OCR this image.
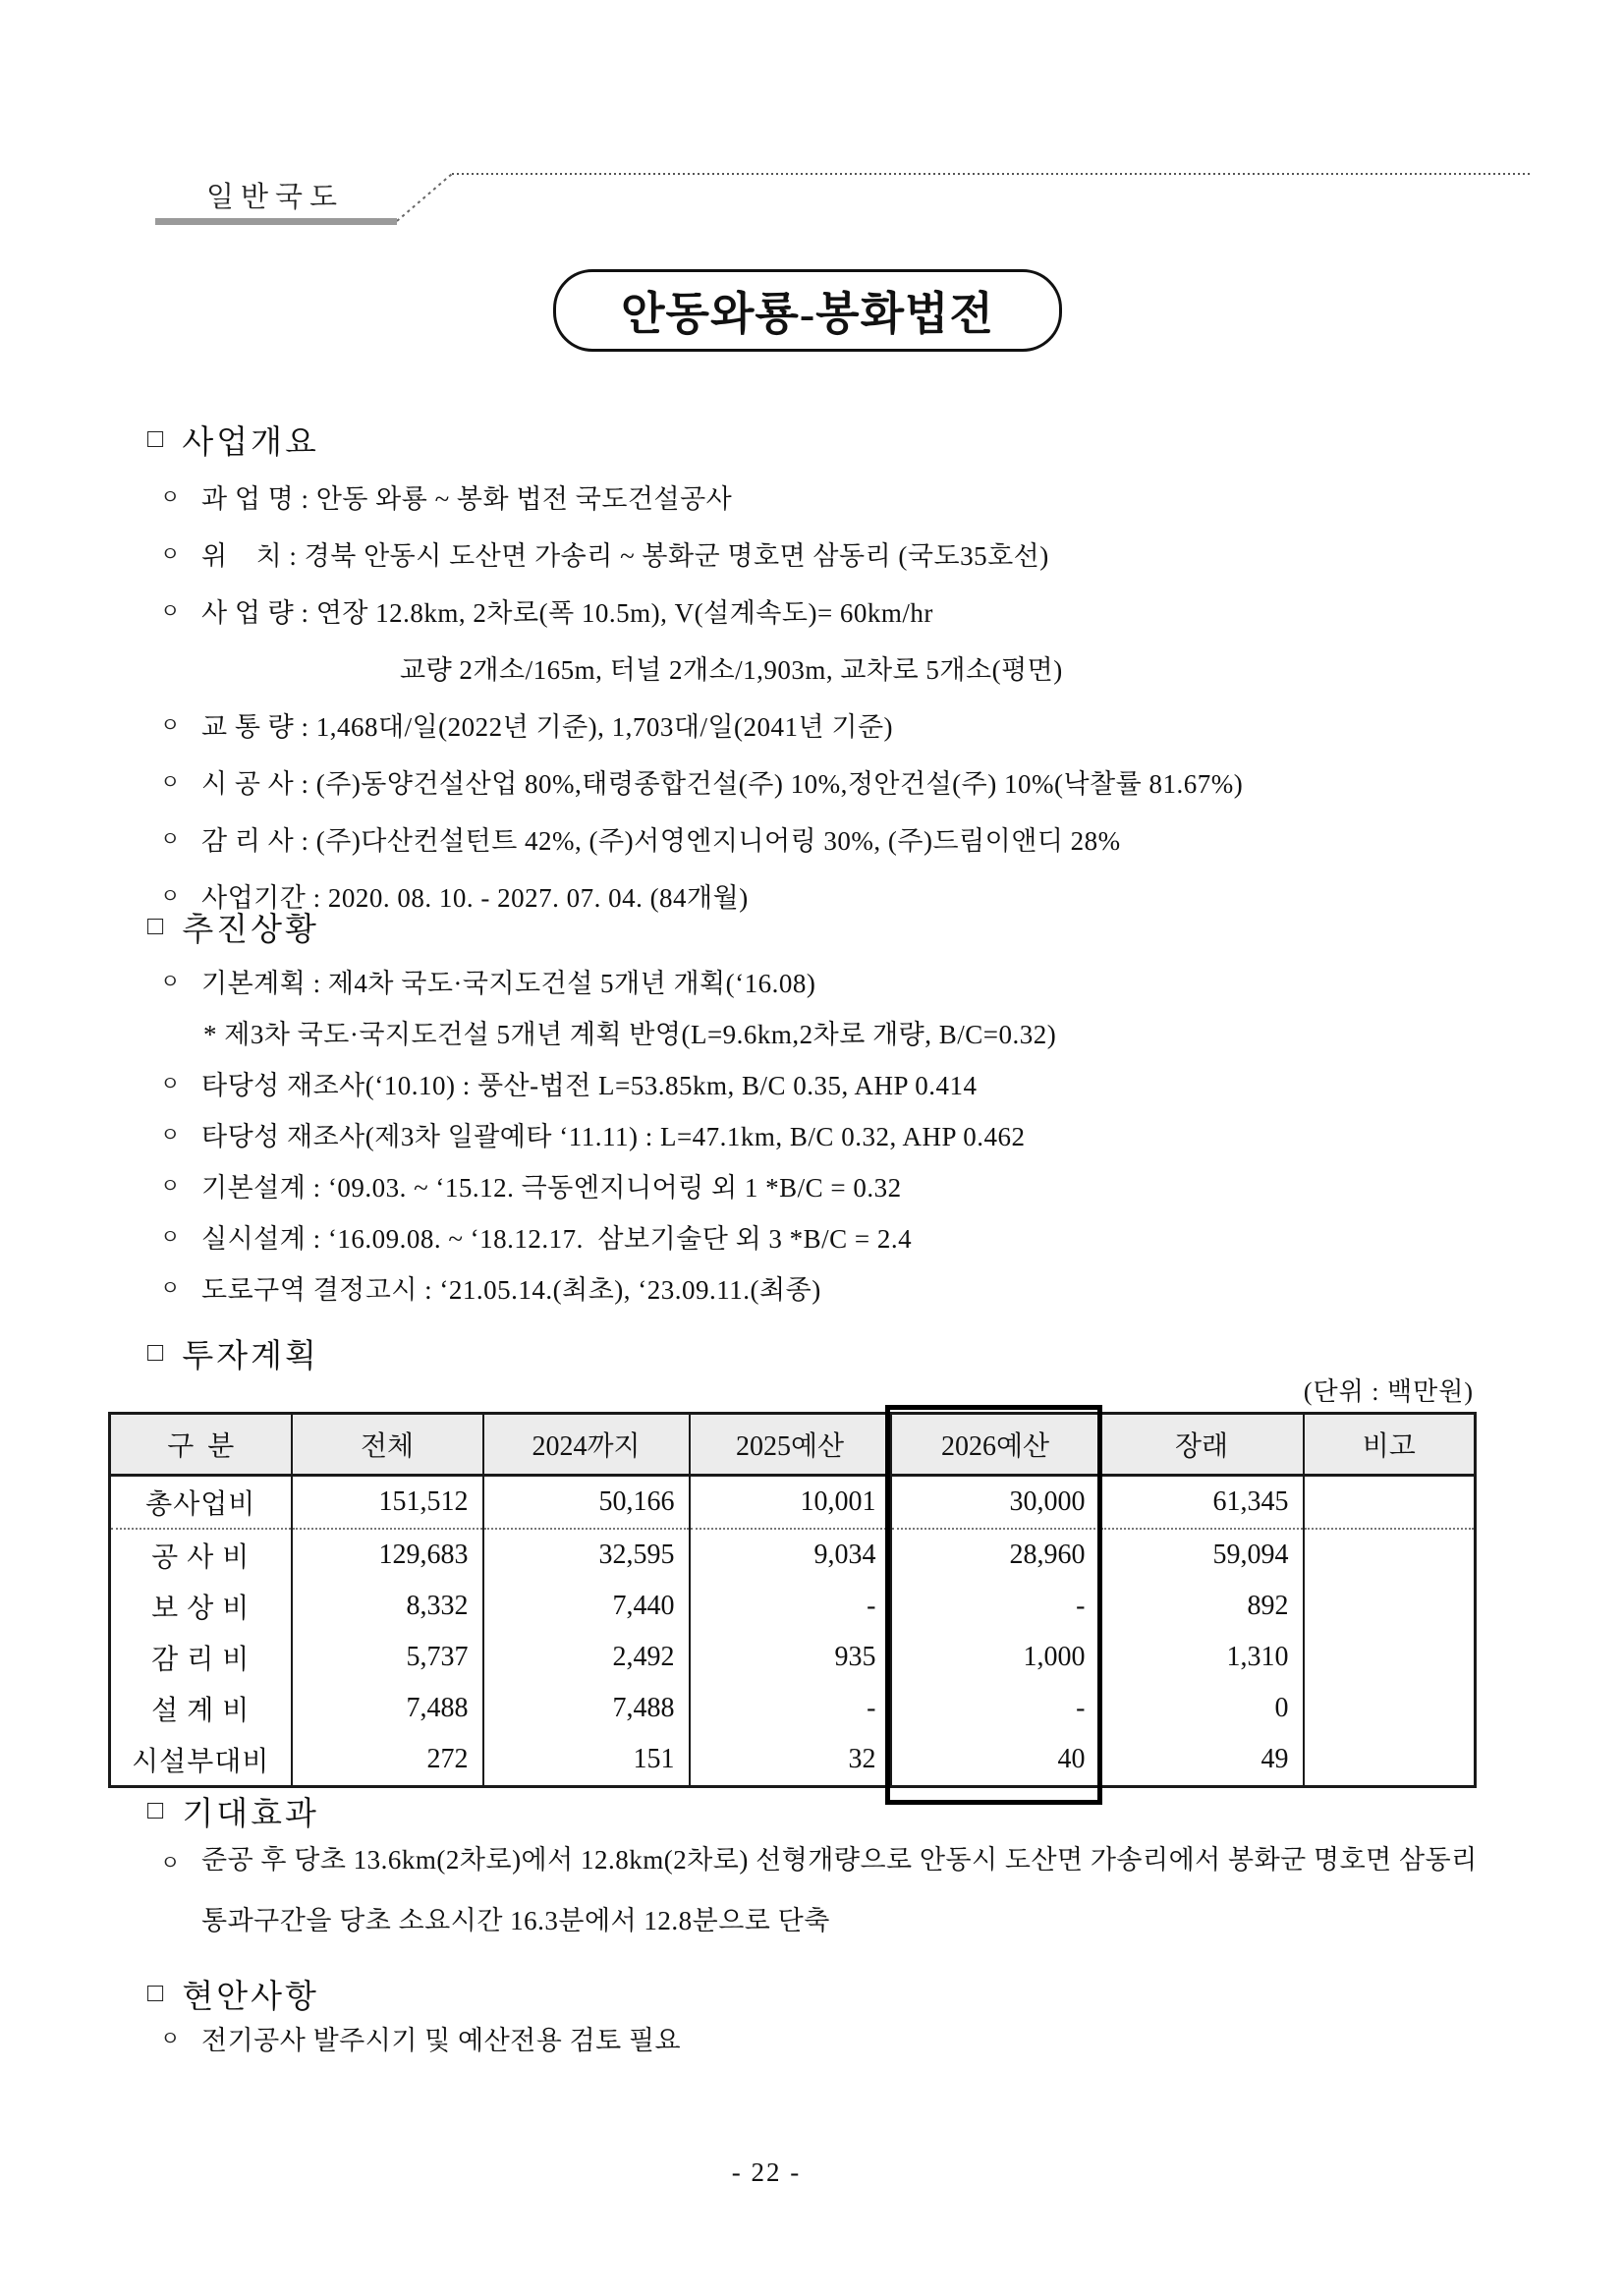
일반국도
안동와룡-봉화법전
□ 사업개요
ㅇ 과 업 명 : 안동 와룡 ~ 봉화 법전 국도건설공사
ㅇ 위    치 : 경북 안동시 도산면 가송리 ~ 봉화군 명호면 삼동리 (국도35호선)
ㅇ 사 업 량 : 연장 12.8km, 2차로(폭 10.5m), V(설계속도)= 60km/hr
교량 2개소/165m, 터널 2개소/1,903m, 교차로 5개소(평면)
ㅇ 교 통 량 : 1,468대/일(2022년 기준), 1,703대/일(2041년 기준)
ㅇ 시 공 사 : (주)동양건설산업 80%,태령종합건설(주) 10%,정안건설(주) 10%(낙찰률 81.67%)
ㅇ 감 리 사 : (주)다산컨설턴트 42%, (주)서영엔지니어링 30%, (주)드림이앤디 28%
ㅇ 사업기간 : 2020. 08. 10. - 2027. 07. 04. (84개월)
□ 추진상황
ㅇ 기본계획 : 제4차 국도·국지도건설 5개년 개획(‘16.08)
* 제3차 국도·국지도건설 5개년 계획 반영(L=9.6km,2차로 개량, B/C=0.32)
ㅇ 타당성 재조사(‘10.10) : 풍산-법전 L=53.85km, B/C 0.35, AHP 0.414
ㅇ 타당성 재조사(제3차 일괄예타 ‘11.11) : L=47.1km, B/C 0.32, AHP 0.462
ㅇ 기본설계 : ‘09.03. ~ ‘15.12. 극동엔지니어링 외 1 *B/C = 0.32
ㅇ 실시설계 : ‘16.09.08. ~ ‘18.12.17.  삼보기술단 외 3 *B/C = 2.4
ㅇ 도로구역 결정고시 : ‘21.05.14.(최초), ‘23.09.11.(최종)
□ 투자계획
(단위 : 백만원)
구  분	전체	2024까지	2025예산	2026예산	장래	비고
총사업비	151,512	50,166	10,001	30,000	61,345	
공 사 비	129,683	32,595	9,034	28,960	59,094	
보 상 비	8,332	7,440	-	-	892	
감 리 비	5,737	2,492	935	1,000	1,310	
설 계 비	7,488	7,488	-	-	0	
시설부대비	272	151	32	40	49	
□ 기대효과
ㅇ 준공 후 당초 13.6km(2차로)에서 12.8km(2차로) 선형개량으로 안동시 도산면 가송리에서 봉화군 명호면 삼동리 통과구간을 당초 소요시간 16.3분에서 12.8분으로 단축
□ 현안사항
ㅇ 전기공사 발주시기 및 예산전용 검토 필요
- 22 -
